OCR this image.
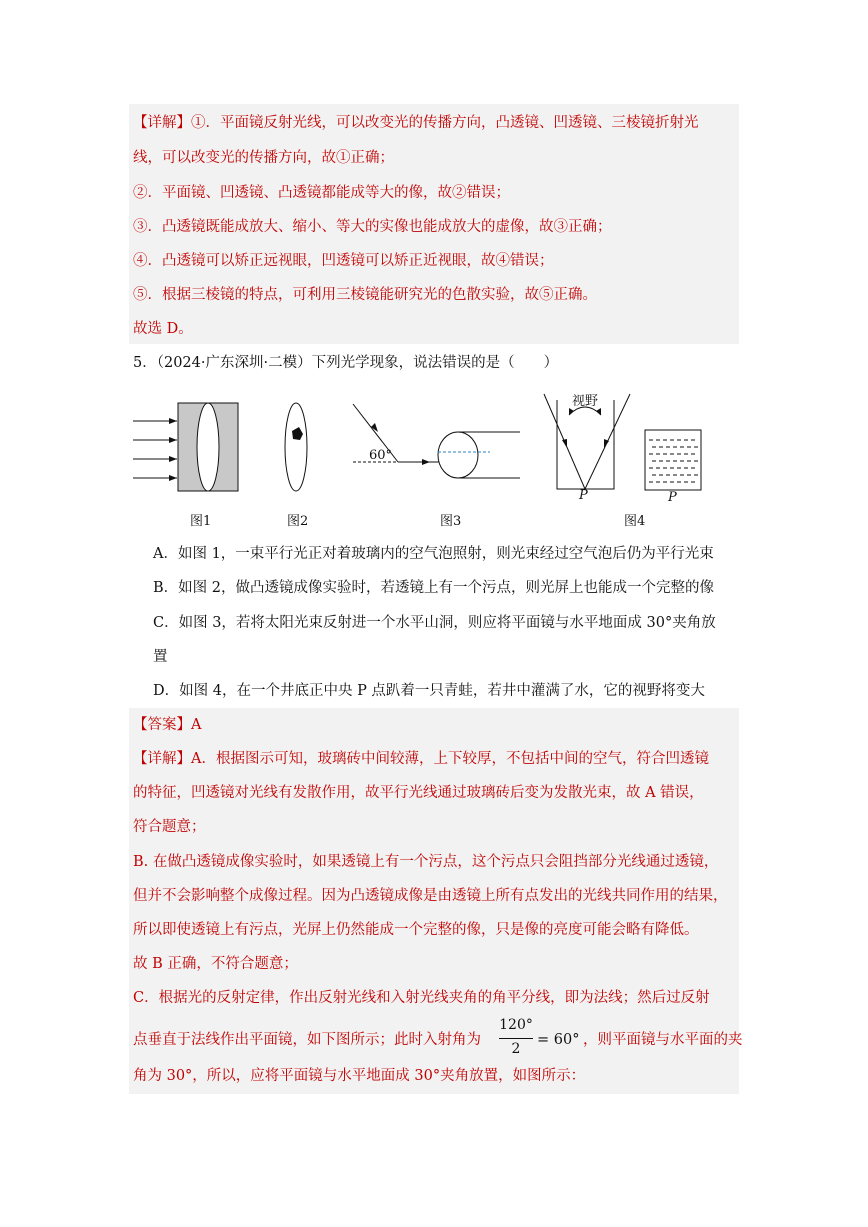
【详解】①．平面镜反射光线，可以改变光的传播方向，凸透镜、凹透镜、三棱镜折射光
线，可以改变光的传播方向，故①正确；
②．平面镜、凹透镜、凸透镜都能成等大的像，故②错误；
③．凸透镜既能成放大、缩小、等大的实像也能成放大的虚像，故③正确；
④．凸透镜可以矫正远视眼，凹透镜可以矫正近视眼，故④错误；
⑤．根据三棱镜的特点，可利用三棱镜能研究光的色散实验，故⑤正确。
故选 D。
5．（2024·广东深圳·二模）下列光学现象，说法错误的是（　　）
60°
视野
P	P
图1	图2	图3	图4
A．如图 1，一束平行光正对着玻璃内的空气泡照射，则光束经过空气泡后仍为平行光束
B．如图 2，做凸透镜成像实验时，若透镜上有一个污点，则光屏上也能成一个完整的像
C．如图 3，若将太阳光束反射进一个水平山洞，则应将平面镜与水平地面成 30°夹角放
置
D．如图 4，在一个井底正中央 P 点趴着一只青蛙，若井中灌满了水，它的视野将变大
【答案】A
【详解】A．根据图示可知，玻璃砖中间较薄，上下较厚，不包括中间的空气，符合凹透镜
的特征，凹透镜对光线有发散作用，故平行光线通过玻璃砖后变为发散光束，故 A 错误，
符合题意；
B. 在做凸透镜成像实验时，如果透镜上有一个污点，这个污点只会阻挡部分光线通过透镜，
但并不会影响整个成像过程。因为凸透镜成像是由透镜上所有点发出的光线共同作用的结果，
所以即使透镜上有污点，光屏上仍然能成一个完整的像，只是像的亮度可能会略有降低。
故 B 正确，不符合题意；
C．根据光的反射定律，作出反射光线和入射光线夹角的角平分线，即为法线；然后过反射
点垂直于法线作出平面镜，如下图所示；此时入射角为
120°
2
= 60° ，则平面镜与水平面的夹
角为 30°，所以，应将平面镜与水平地面成 30°夹角放置，如图所示：
